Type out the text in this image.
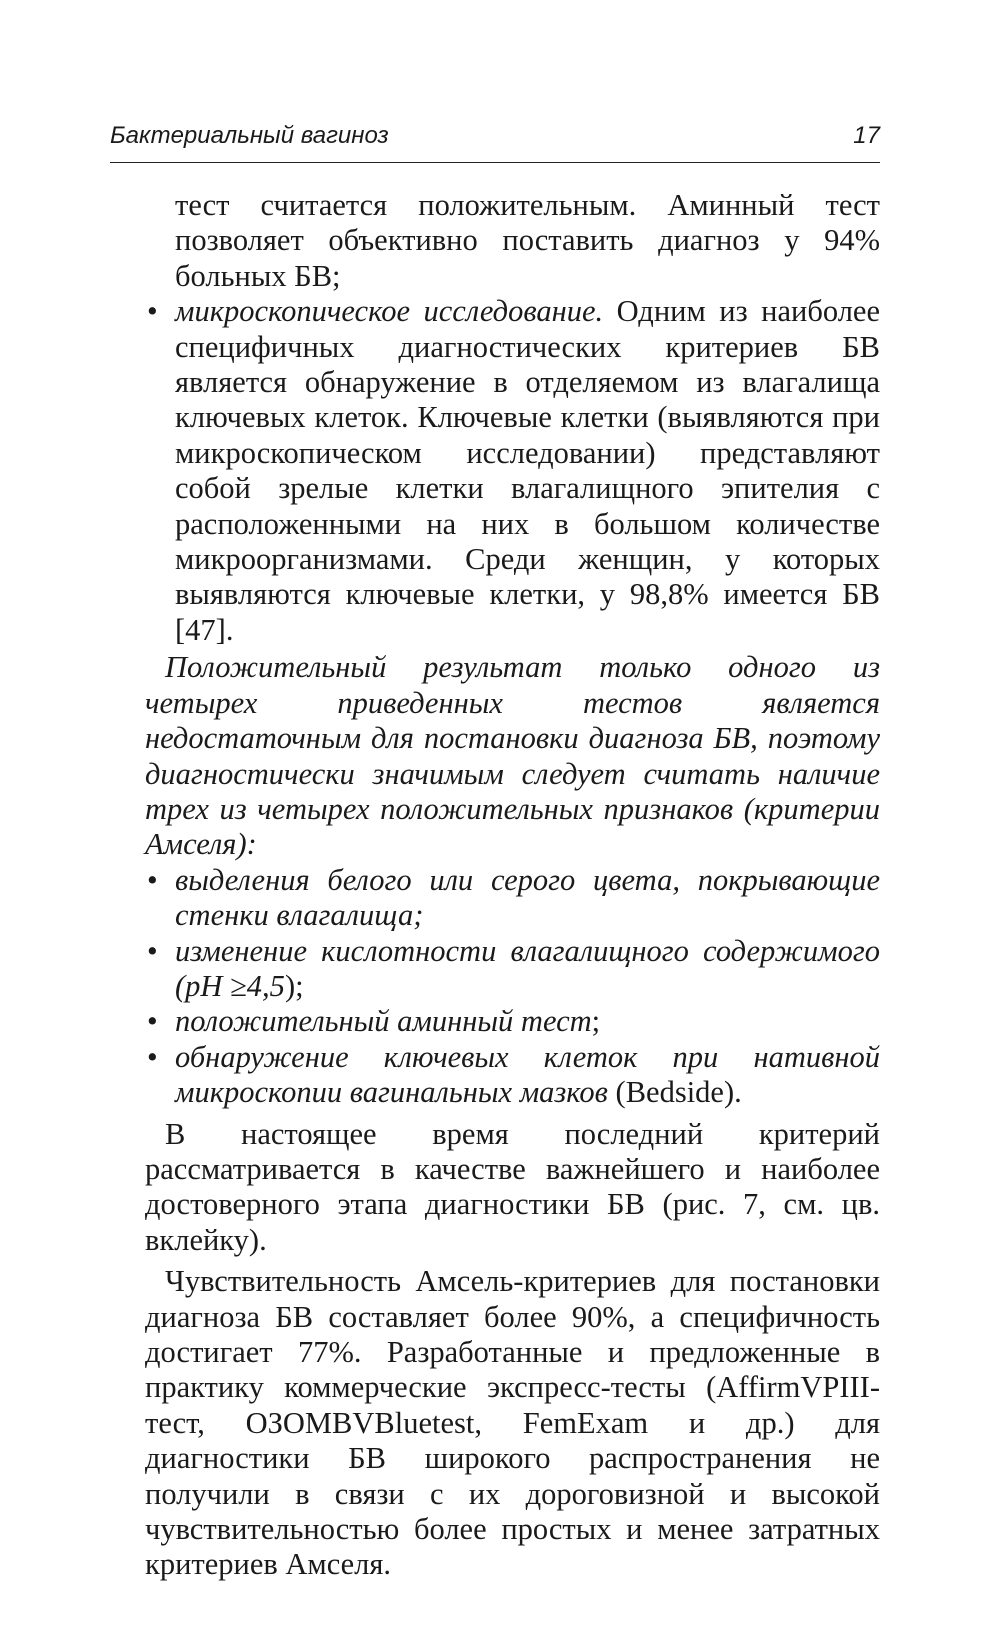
Бактериальный вагиноз	17

тест считается положительным. Аминный тест позволяет объективно поставить диагноз у 94% больных БВ;

• микроскопическое исследование. Одним из наиболее специфичных диагностических критериев БВ является обнаружение в отделяемом из влагалища ключевых клеток. Ключевые клетки (выявляются при микроскопическом исследовании) представляют собой зрелые клетки влагалищного эпителия с расположенными на них в большом количестве микроорганизмами. Среди женщин, у которых выявляются ключевые клетки, у 98,8% имеется БВ [47].

Положительный результат только одного из четырех приведенных тестов является недостаточным для постановки диагноза БВ, поэтому диагностически значимым следует считать наличие трех из четырех положительных признаков (критерии Амселя):

• выделения белого или серого цвета, покрывающие стенки влагалища;

• изменение кислотности влагалищного содержимого (pH ≥4,5);

• положительный аминный тест;

• обнаружение ключевых клеток при нативной микроскопии вагинальных мазков (Bedside).

В настоящее время последний критерий рассматривается в качестве важнейшего и наиболее достоверного этапа диагностики БВ (рис. 7, см. цв. вклейку).

Чувствительность Амсель-критериев для постановки диагноза БВ составляет более 90%, а специфичность достигает 77%. Разработанные и предложенные в практику коммерческие экспресс-тесты (AffirmVPIII-тест, OЗOMBVBluetest, FemExam и др.) для диагностики БВ широкого распространения не получили в связи с их дороговизной и высокой чувствительностью более простых и менее затратных критериев Амселя.
